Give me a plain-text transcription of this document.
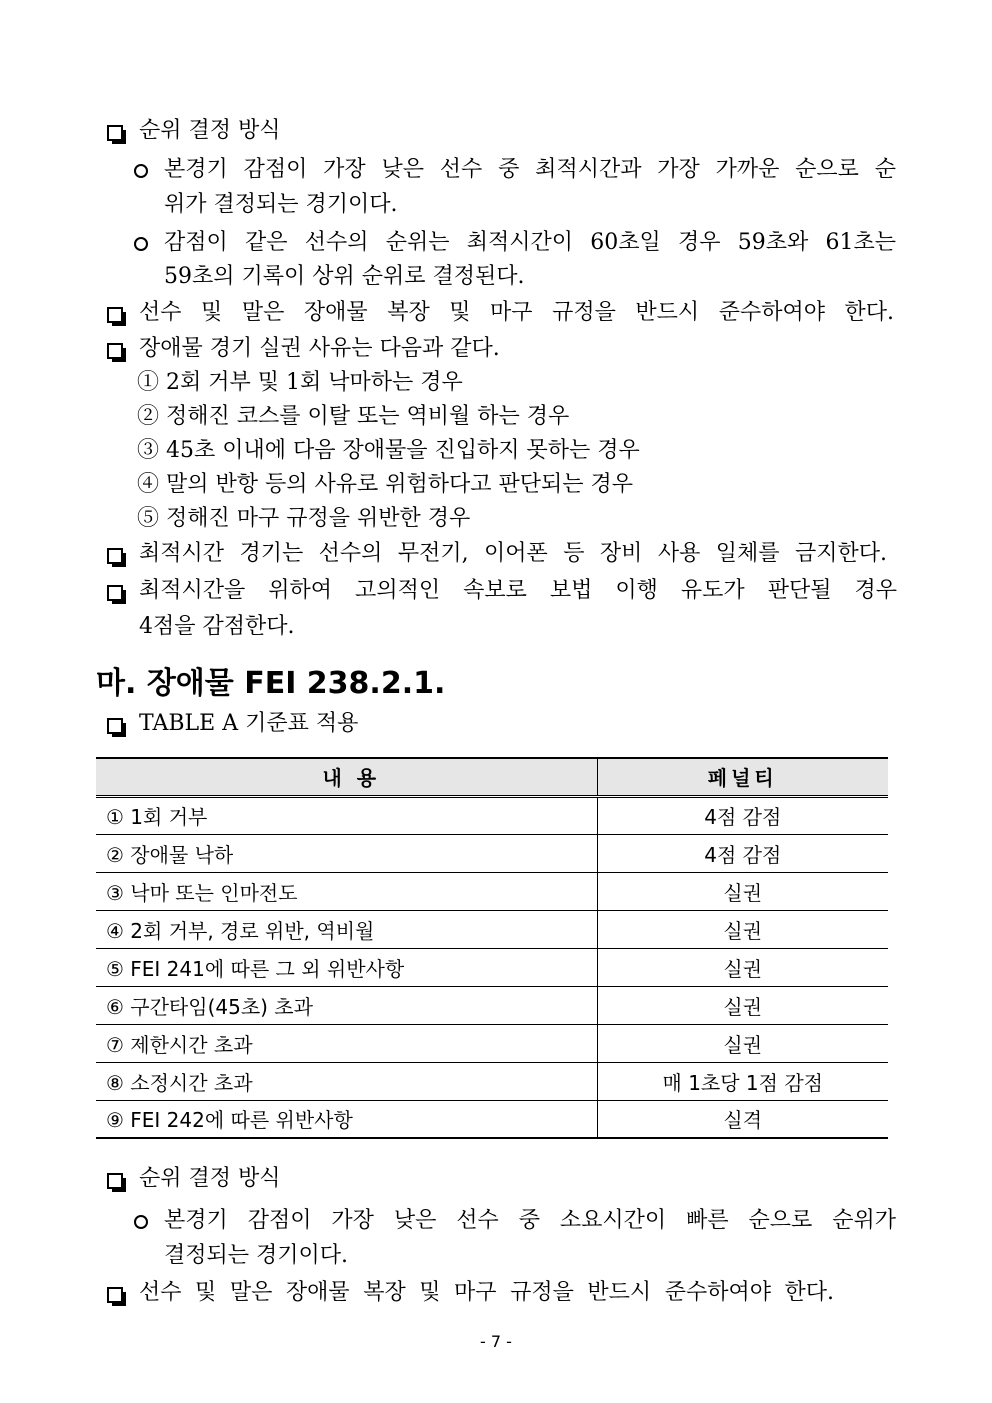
순위 결정 방식
본경기 감점이 가장 낮은 선수 중 최적시간과 가장 가까운 순으로 순
위가 결정되는 경기이다.
감점이 같은 선수의 순위는 최적시간이 60초일 경우 59초와 61초는
59초의 기록이 상위 순위로 결정된다.
선수 및 말은 장애물 복장 및 마구 규정을 반드시 준수하여야 한다.
장애물 경기 실권 사유는 다음과 같다.
① 2회 거부 및 1회 낙마하는 경우
② 정해진 코스를 이탈 또는 역비월 하는 경우
③ 45초 이내에 다음 장애물을 진입하지 못하는 경우
④ 말의 반항 등의 사유로 위험하다고 판단되는 경우
⑤ 정해진 마구 규정을 위반한 경우
최적시간 경기는 선수의 무전기, 이어폰 등 장비 사용 일체를 금지한다.
최적시간을 위하여 고의적인 속보로 보법 이행 유도가 판단될 경우
4점을 감점한다.
마. 장애물 FEI 238.2.1.
TABLE A 기준표 적용
내 용	페널티
① 1회 거부	4점 감점
② 장애물 낙하	4점 감점
③ 낙마 또는 인마전도	실권
④ 2회 거부, 경로 위반, 역비월	실권
⑤ FEI 241에 따른 그 외 위반사항	실권
⑥ 구간타임(45초) 초과	실권
⑦ 제한시간 초과	실권
⑧ 소정시간 초과	매 1초당 1점 감점
⑨ FEI 242에 따른 위반사항	실격
순위 결정 방식
본경기 감점이 가장 낮은 선수 중 소요시간이 빠른 순으로 순위가
결정되는 경기이다.
선수 및 말은 장애물 복장 및 마구 규정을 반드시 준수하여야 한다.
- 7 -
